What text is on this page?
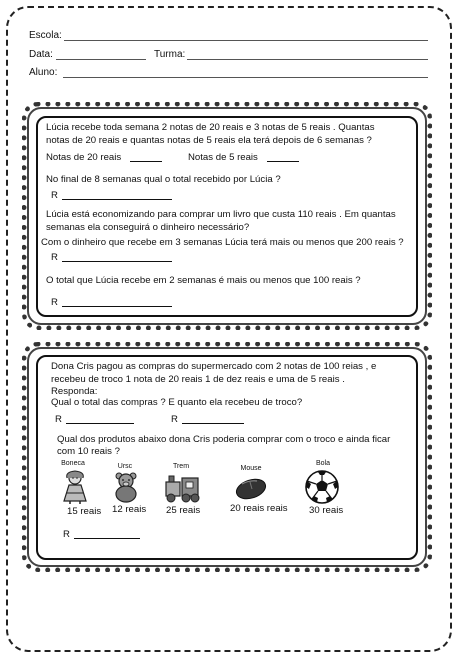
Escola:
Data:	Turma:
Aluno:
Lúcia recebe toda semana 2 notas de 20 reais e 3 notas de 5 reais . Quantas
notas de 20 reais e quantas notas de 5 reais ela terá depois de 6 semanas ?
Notas de 20 reais	Notas de 5 reais
No final de 8 semanas qual o total recebido por Lúcia ?
R
Lúcia está economizando para comprar um livro que custa 110 reais . Em quantas
semanas ela conseguirá o dinheiro necessário?
Com o dinheiro que recebe em 3 semanas Lúcia terá mais ou menos que 200 reais ?
R
O total que Lúcia recebe em 2 semanas é mais ou menos que 100 reais ?
R
Dona Cris pagou as compras do supermercado com 2 notas de 100 reias , e
recebeu de troco 1 nota de 20 reais 1 de dez reais e uma de 5 reais .
Responda:
Qual o total das compras ? E quanto ela recebeu de troco?
R	R
Qual dos produtos abaixo dona Cris poderia comprar com o troco e ainda ficar
com 10 reais ?
Boneca
15 reais
Ursc
12 reais
Trem
25 reais
Mouse
20 reais reais
Bola
30 reais
R
